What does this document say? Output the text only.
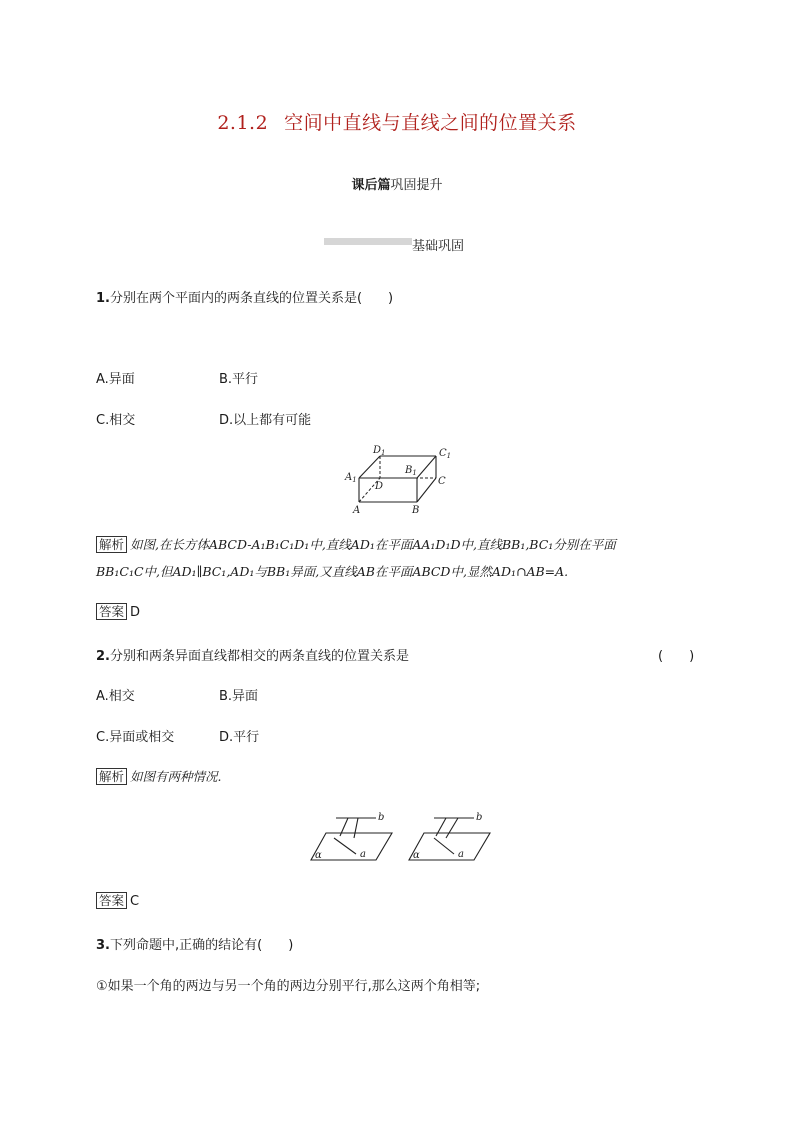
2.1.2 空间中直线与直线之间的位置关系
课后篇巩固提升
基础巩固
1.分别在两个平面内的两条直线的位置关系是(　　)
A.异面	B.平行
C.相交	D.以上都有可能
$D_1$	$C_1$
$B_1$
$A_1$
D	C
A	B
解析 如图,在长方体ABCD-A₁B₁C₁D₁中,直线AD₁在平面AA₁D₁D中,直线BB₁,BC₁分别在平面
BB₁C₁C中,但AD₁∥BC₁,AD₁与BB₁异面,又直线AB在平面ABCD中,显然AD₁∩AB=A.
答案 D
2.分别和两条异面直线都相交的两条直线的位置关系是	(　　)
A.相交	B.异面
C.异面或相交	D.平行
解析 如图有两种情况.
b
a
α
b
a
α
答案 C
3.下列命题中,正确的结论有(　　)
①如果一个角的两边与另一个角的两边分别平行,那么这两个角相等;
